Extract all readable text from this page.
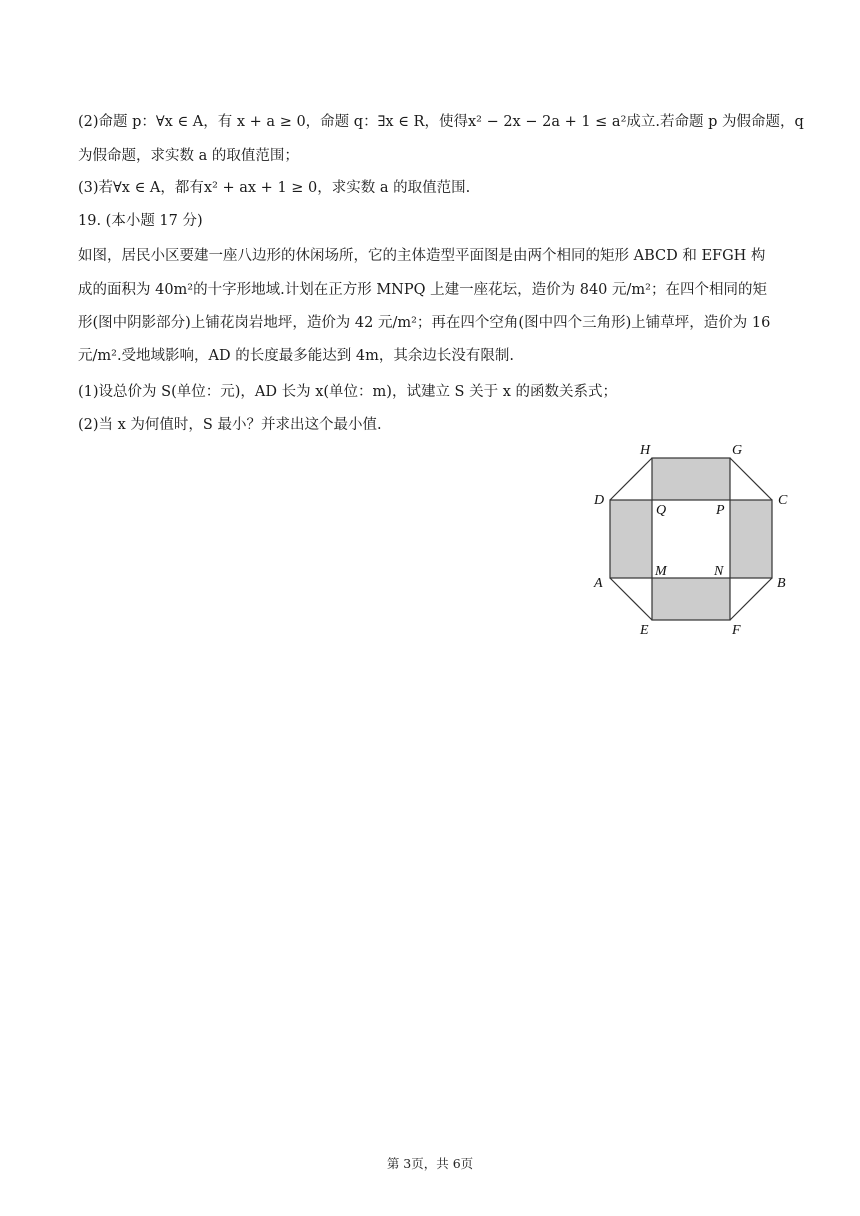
(2)命题 p：∀x ∈ A，有 x + a ≥ 0，命题 q：∃x ∈ R，使得x² − 2x − 2a + 1 ≤ a²成立.若命题 p 为假命题，q
为假命题，求实数 a 的取值范围；
(3)若∀x ∈ A，都有x² + ax + 1 ≥ 0，求实数 a 的取值范围.
19. (本小题 17 分)
如图，居民小区要建一座八边形的休闲场所，它的主体造型平面图是由两个相同的矩形 ABCD 和 EFGH 构
成的面积为 40m²的十字形地域.计划在正方形 MNPQ 上建一座花坛，造价为 840 元/m²；在四个相同的矩
形(图中阴影部分)上铺花岗岩地坪，造价为 42 元/m²；再在四个空角(图中四个三角形)上铺草坪，造价为 16
元/m².受地域影响，AD 的长度最多能达到 4m，其余边长没有限制.
(1)设总价为 S(单位：元)，AD 长为 x(单位：m)，试建立 S 关于 x 的函数关系式；
(2)当 x 为何值时，S 最小？并求出这个最小值.
H	G
D	C
Q	P
M	N
A	B
E	F
第 3页，共 6页
